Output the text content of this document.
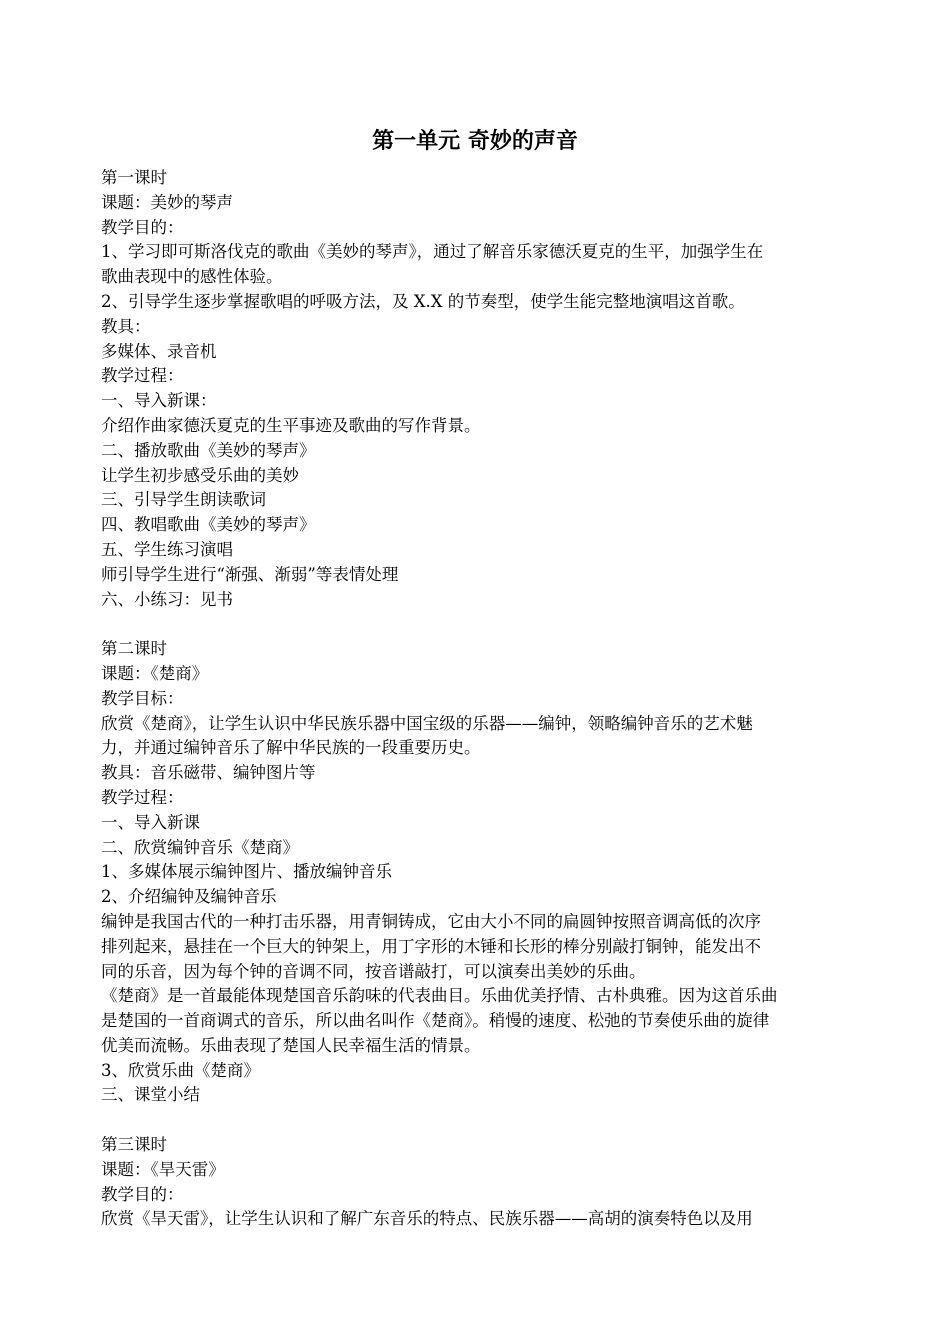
第一单元 奇妙的声音
第一课时
课题：美妙的琴声
教学目的：
1、学习即可斯洛伐克的歌曲《美妙的琴声》，通过了解音乐家德沃夏克的生平，加强学生在
歌曲表现中的感性体验。
2、引导学生逐步掌握歌唱的呼吸方法，及 X.X 的节奏型，使学生能完整地演唱这首歌。
教具：
多媒体、录音机
教学过程：
一、导入新课：
介绍作曲家德沃夏克的生平事迹及歌曲的写作背景。
二、播放歌曲《美妙的琴声》
让学生初步感受乐曲的美妙
三、引导学生朗读歌词
四、教唱歌曲《美妙的琴声》
五、学生练习演唱
师引导学生进行“渐强、渐弱”等表情处理
六、小练习：见书
第二课时
课题：《楚商》
教学目标：
欣赏《楚商》，让学生认识中华民族乐器中国宝级的乐器——编钟，领略编钟音乐的艺术魅
力，并通过编钟音乐了解中华民族的一段重要历史。
教具：音乐磁带、编钟图片等
教学过程：
一、导入新课
二、欣赏编钟音乐《楚商》
1、多媒体展示编钟图片、播放编钟音乐
2、介绍编钟及编钟音乐
编钟是我国古代的一种打击乐器，用青铜铸成，它由大小不同的扁圆钟按照音调高低的次序
排列起来，悬挂在一个巨大的钟架上，用丁字形的木锤和长形的棒分别敲打铜钟，能发出不
同的乐音，因为每个钟的音调不同，按音谱敲打，可以演奏出美妙的乐曲。
《楚商》是一首最能体现楚国音乐韵味的代表曲目。乐曲优美抒情、古朴典雅。因为这首乐曲
是楚国的一首商调式的音乐，所以曲名叫作《楚商》。稍慢的速度、松弛的节奏使乐曲的旋律
优美而流畅。乐曲表现了楚国人民幸福生活的情景。
3、欣赏乐曲《楚商》
三、课堂小结
第三课时
课题：《旱天雷》
教学目的：
欣赏《旱天雷》，让学生认识和了解广东音乐的特点、民族乐器——高胡的演奏特色以及用
